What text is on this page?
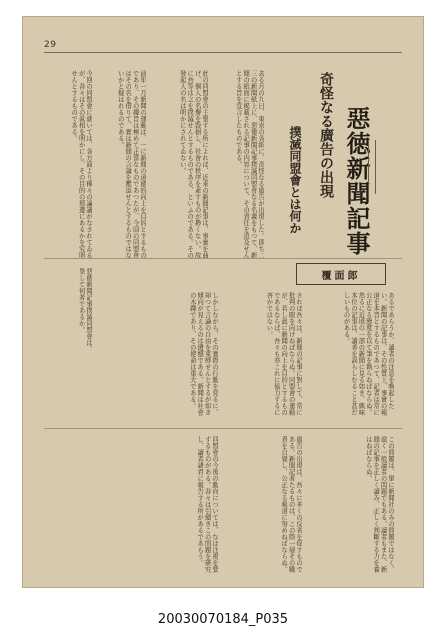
29
奇怪なる廣告の出現 惡徳新聞記事
撲滅同盟會とは何か
去る月の九日、東京の各紙に、奇怪なる廣告が出現した。即ち二三の新聞紙上に、惡徳新聞記事撲滅同盟會なる名義をもつて、新聞の紙面に掲載される記事の内容について、その責任を追及せんとする旨を宣言したものである。
此の同盟會の主張する所によれば、近來の新聞記事は、事實を曲げ、個人の名譽を毀損し、社會の秩序を紊すものが尠くない。故に吾等は之を撲滅せんとするものである、といふのである。その發起人の名は明かにされてゐない。
前年一月新聞の運動は、一に新聞の道徳的向上を目的とするものであり、その趣旨は極めて正當なものであつたが、今回の同盟會はその名を借りて、實は新聞の言論を壓迫せんとするものではないかと疑はれるのである。
今回の同盟會に就いては、各方面より種々の論議がなされてゐるが、吾々はその眞相を明かにし、その目的の那邊にあるかを究明せんとするものである。
覆面郎
惡徳新聞記事撲滅同盟會は、果して何者であるか。	あるであらうか、讀者の注意を喚起したい。新聞の記事は、その性質上、事實の報道を本旨とするものであつて、記者は常に公正なる態度を以て筆を執らねばならぬ。然るに近頃の一部の新聞に見る如き、興味本位の記事は、讀者を誤らしむること甚だしいものがある。
されば吾々は、新聞の記事に對して、常に批判の眼を向けねばならぬ。同盟會の運動が、若し眞に新聞の向上を目的とするものであるならば、吾々も亦これに協力するに吝かではない。
しかしながら、その實際の行動を見るに、却つて言論の自由を束縛せんとするが如き傾向が見えるのは遺憾である。新聞は社會の木鐸であり、その使命は重大である。
この問題は、單に新聞社のみの問題ではなく、廣く一般讀者の問題でもある。讀者もまた、新聞の記事を正しく讀み、正しく判斷する力を養はねばならぬ。
廣告の出現は、吾々に多くの反省を促すものである。新聞記者たるものは、この際一層その職責を自覺し、公正なる報道に努めねばならぬ。
同盟會の今後の動向については、なほ注視を要するものがある。吾々は引續きこの問題を研究し、讀者諸君に報告する所があるであらう。
20030070184_P035
